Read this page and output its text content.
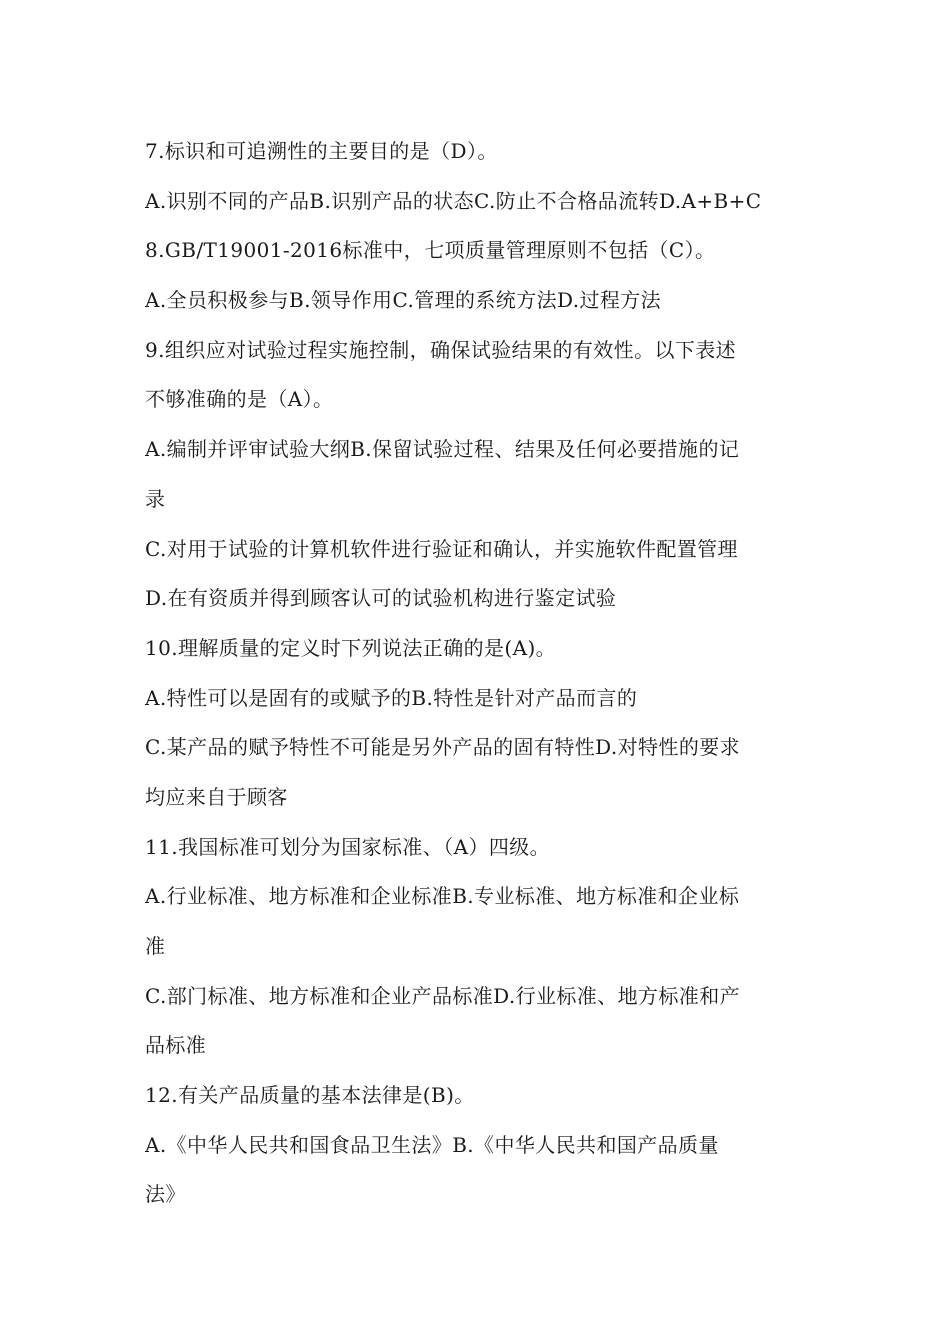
7.标识和可追溯性的主要目的是（D）。
A.识别不同的产品B.识别产品的状态C.防止不合格品流转D.A+B+C
8.GB/T19001-2016标准中，七项质量管理原则不包括（C）。
A.全员积极参与B.领导作用C.管理的系统方法D.过程方法
9.组织应对试验过程实施控制，确保试验结果的有效性。以下表述
不够准确的是（A）。
A.编制并评审试验大纲B.保留试验过程、结果及任何必要措施的记
录
C.对用于试验的计算机软件进行验证和确认，并实施软件配置管理
D.在有资质并得到顾客认可的试验机构进行鉴定试验
10.理解质量的定义时下列说法正确的是(A)。
A.特性可以是固有的或赋予的B.特性是针对产品而言的
C.某产品的赋予特性不可能是另外产品的固有特性D.对特性的要求
均应来自于顾客
11.我国标准可划分为国家标准、（A）四级。
A.行业标准、地方标准和企业标准B.专业标准、地方标准和企业标
准
C.部门标准、地方标准和企业产品标准D.行业标准、地方标准和产
品标准
12.有关产品质量的基本法律是(B)。
A.《中华人民共和国食品卫生法》B.《中华人民共和国产品质量
法》
